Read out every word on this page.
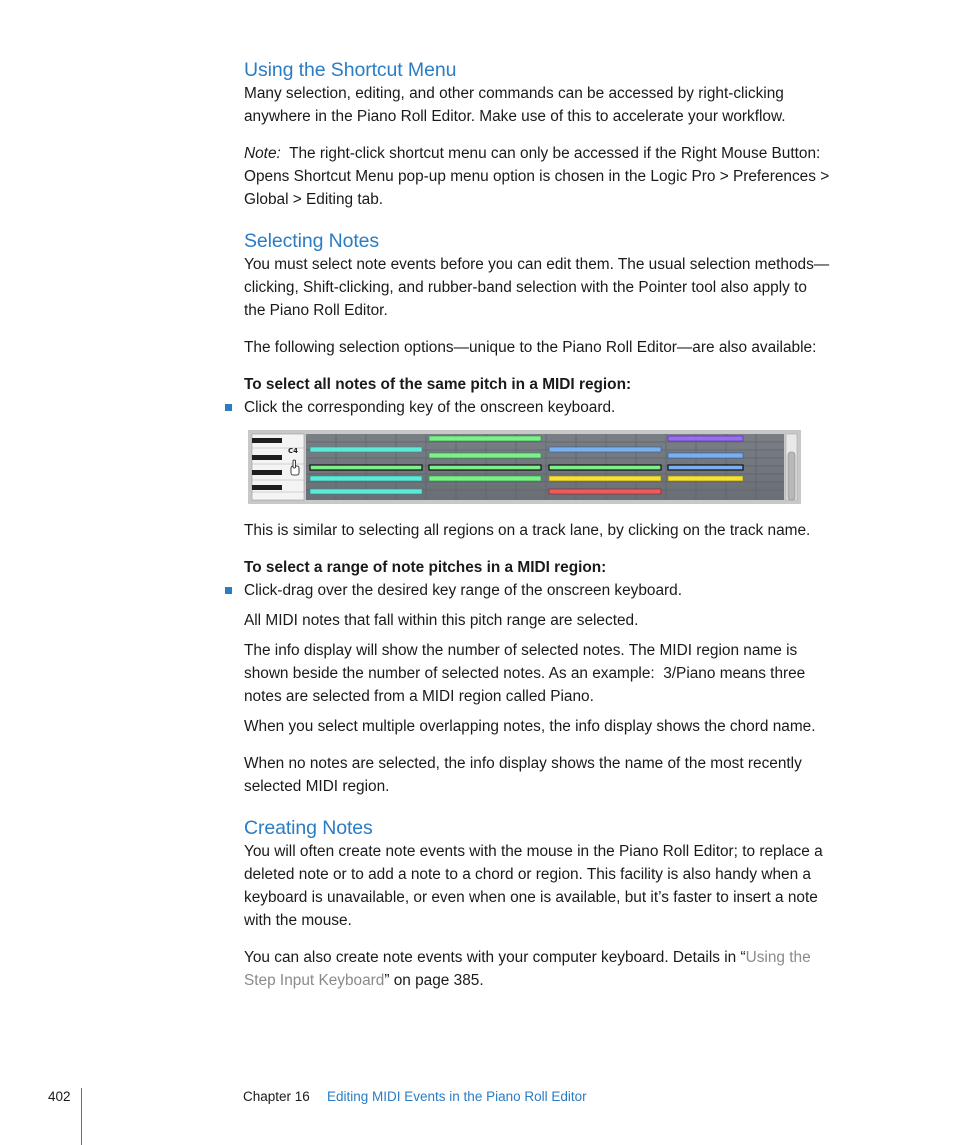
Using the Shortcut Menu

Many selection, editing, and other commands can be accessed by right-clicking
anywhere in the Piano Roll Editor. Make use of this to accelerate your workflow.

Note:  The right-click shortcut menu can only be accessed if the Right Mouse Button:
Opens Shortcut Menu pop-up menu option is chosen in the Logic Pro > Preferences >
Global > Editing tab.

Selecting Notes

You must select note events before you can edit them. The usual selection methods—
clicking, Shift-clicking, and rubber-band selection with the Pointer tool also apply to
the Piano Roll Editor.

The following selection options—unique to the Piano Roll Editor—are also available:

To select all notes of the same pitch in a MIDI region:

Click the corresponding key of the onscreen keyboard.

C4

This is similar to selecting all regions on a track lane, by clicking on the track name.

To select a range of note pitches in a MIDI region:

Click-drag over the desired key range of the onscreen keyboard.

All MIDI notes that fall within this pitch range are selected.

The info display will show the number of selected notes. The MIDI region name is
shown beside the number of selected notes. As an example:  3/Piano means three
notes are selected from a MIDI region called Piano.

When you select multiple overlapping notes, the info display shows the chord name.

When no notes are selected, the info display shows the name of the most recently
selected MIDI region.

Creating Notes

You will often create note events with the mouse in the Piano Roll Editor; to replace a
deleted note or to add a note to a chord or region. This facility is also handy when a
keyboard is unavailable, or even when one is available, but it’s faster to insert a note
with the mouse.

You can also create note events with your computer keyboard. Details in “Using the
Step Input Keyboard” on page 385.

402	Chapter 16 Editing MIDI Events in the Piano Roll Editor
